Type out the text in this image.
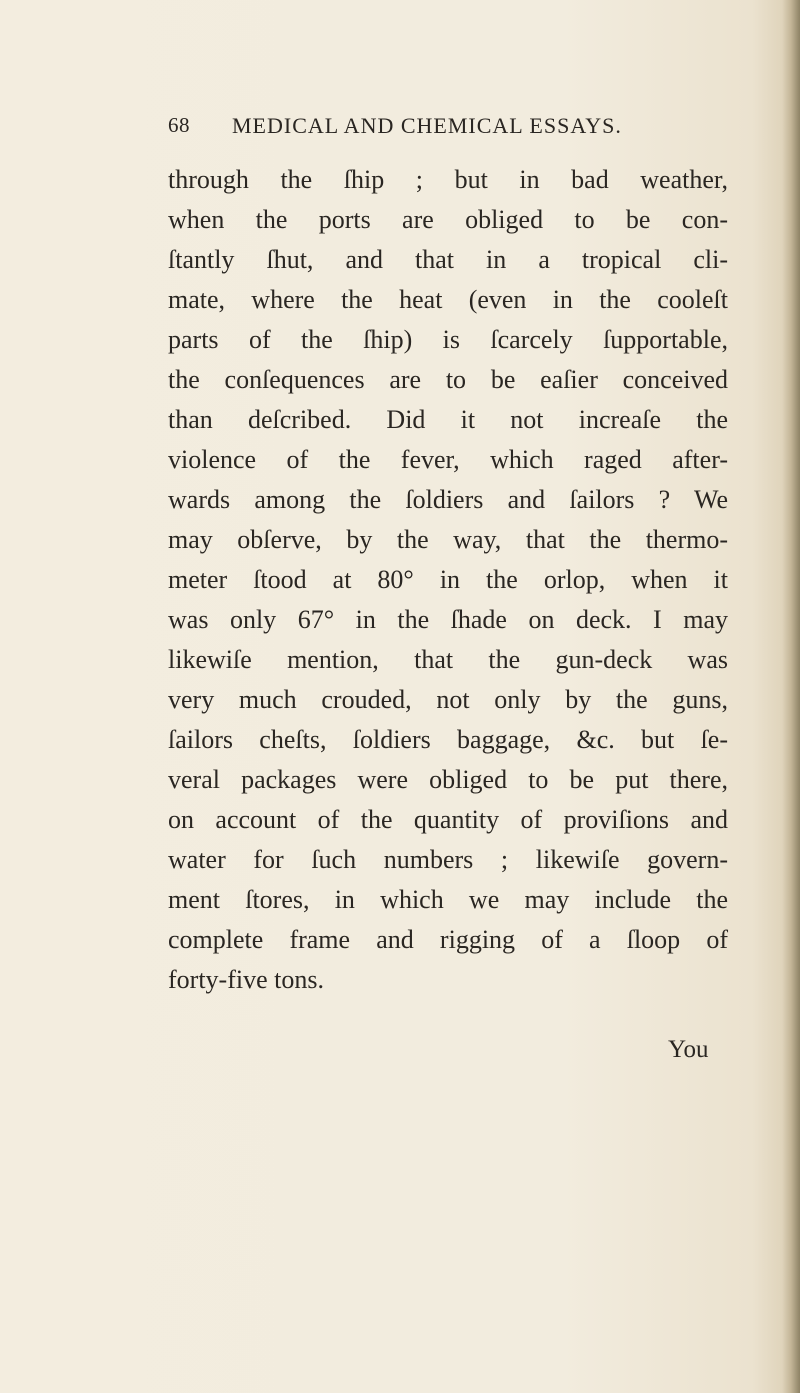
68 MEDICAL AND CHEMICAL ESSAYS.
through the ſhip ; but in bad weather,
when the ports are obliged to be con-
ſtantly ſhut, and that in a tropical cli-
mate, where the heat (even in the cooleſt
parts of the ſhip) is ſcarcely ſupportable,
the conſequences are to be eaſier conceived
than deſcribed. Did it not increaſe the
violence of the fever, which raged after-
wards among the ſoldiers and ſailors ? We
may obſerve, by the way, that the thermo-
meter ſtood at 80° in the orlop, when it
was only 67° in the ſhade on deck. I may
likewiſe mention, that the gun-deck was
very much crouded, not only by the guns,
ſailors cheſts, ſoldiers baggage, &c. but ſe-
veral packages were obliged to be put there,
on account of the quantity of proviſions and
water for ſuch numbers ; likewiſe govern-
ment ſtores, in which we may include the
complete frame and rigging of a ſloop of
forty-five tons.
You
